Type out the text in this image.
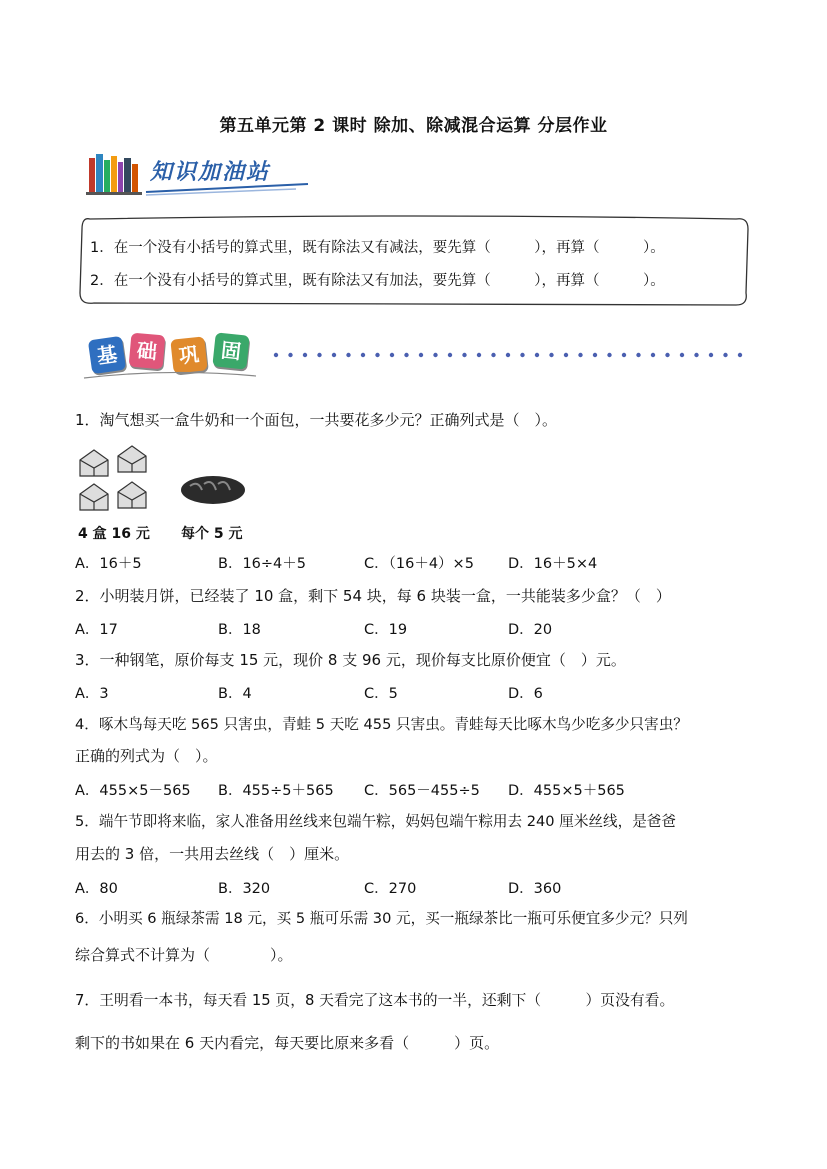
第五单元第 2 课时 除加、除减混合运算 分层作业
知识加油站
1．在一个没有小括号的算式里，既有除法又有减法，要先算（　　　），再算（　　　）。
2．在一个没有小括号的算式里，既有除法又有加法，要先算（　　　），再算（　　　）。
基 础 巩 固
1．淘气想买一盒牛奶和一个面包，一共要花多少元？正确列式是（　）。
4 盒 16 元 每个 5 元
A．16＋5	B．16÷4＋5	C．（16＋4）×5 D．16＋5×4
2．小明装月饼，已经装了 10 盒，剩下 54 块，每 6 块装一盒，一共能装多少盒？（　）
A．17	B．18	C．19	D．20
3．一种钢笔，原价每支 15 元，现价 8 支 96 元，现价每支比原价便宜（　）元。
A．3	B．4	C．5	D．6
4．啄木鸟每天吃 565 只害虫，青蛙 5 天吃 455 只害虫。青蛙每天比啄木鸟少吃多少只害虫？
正确的列式为（　）。
A．455×5－565 B．455÷5＋565 C．565－455÷5 D．455×5＋565
5．端午节即将来临，家人准备用丝线来包端午粽，妈妈包端午粽用去 240 厘米丝线，是爸爸
用去的 3 倍，一共用去丝线（　）厘米。
A．80	B．320	C．270	D．360
6．小明买 6 瓶绿茶需 18 元，买 5 瓶可乐需 30 元，买一瓶绿茶比一瓶可乐便宜多少元？只列
综合算式不计算为（　　　　）。
7．王明看一本书，每天看 15 页，8 天看完了这本书的一半，还剩下（　　　）页没有看。
剩下的书如果在 6 天内看完，每天要比原来多看（　　　）页。
